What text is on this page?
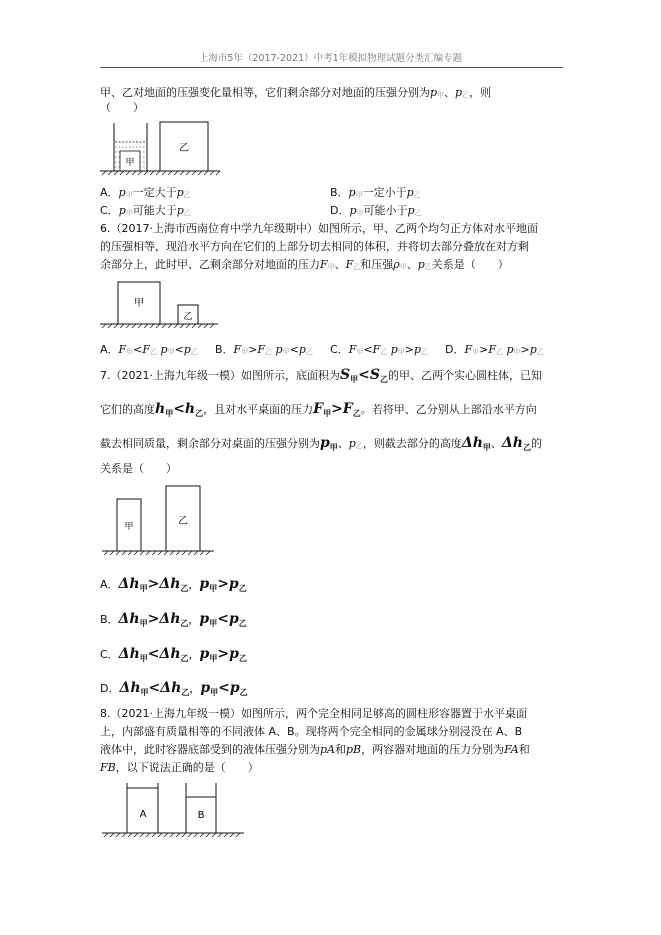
上海市5年（2017-2021）中考1年模拟物理试题分类汇编专题
甲、乙对地面的压强变化量相等，它们剩余部分对地面的压强分别为p甲、p乙，则
（　　）
甲
乙
A．p甲一定大于p乙	B．p甲一定小于p乙
C．p甲可能大于p乙	D．p甲可能小于p乙
6.（2017·上海市西南位育中学九年级期中）如图所示，甲、乙两个均匀正方体对水平地面
的压强相等，现沿水平方向在它们的上部分切去相同的体积，并将切去部分叠放在对方剩
余部分上，此时甲、乙剩余部分对地面的压力F甲、F乙和压强ρ甲、p乙关系是（　　）
甲
乙
A．F甲<F乙 p甲<p乙 B．F甲>F乙 p甲<p乙 C．F甲<F乙 p甲>p乙 D．F甲>F乙 p甲>p乙
7.（2021·上海九年级一模）如图所示，底面积为$S_甲<S_乙$的甲、乙两个实心圆柱体，已知
它们的高度$h_甲<h_乙$，且对水平桌面的压力$F_甲>F_乙$。若将甲、乙分别从上部沿水平方向
截去相同质量，剩余部分对桌面的压强分别为$p_甲$、p乙，则截去部分的高度$\Delta h_甲$、$\Delta h_乙$的
关系是（　　）
甲	乙
A．$\Delta h_甲>\Delta h_乙$，$p_甲>p_乙$
B．$\Delta h_甲>\Delta h_乙$，$p_甲<p_乙$
C．$\Delta h_甲<\Delta h_乙$，$p_甲>p_乙$
D．$\Delta h_甲<\Delta h_乙$，$p_甲<p_乙$
8.（2021·上海九年级一模）如图所示，两个完全相同足够高的圆柱形容器置于水平桌面
上，内部盛有质量相等的不同液体 A、B。现将两个完全相同的金属球分别浸没在 A、B
液体中，此时容器底部受到的液体压强分别为pA和pB，两容器对地面的压力分别为FA和
FB，以下说法正确的是（　　）
A	B
